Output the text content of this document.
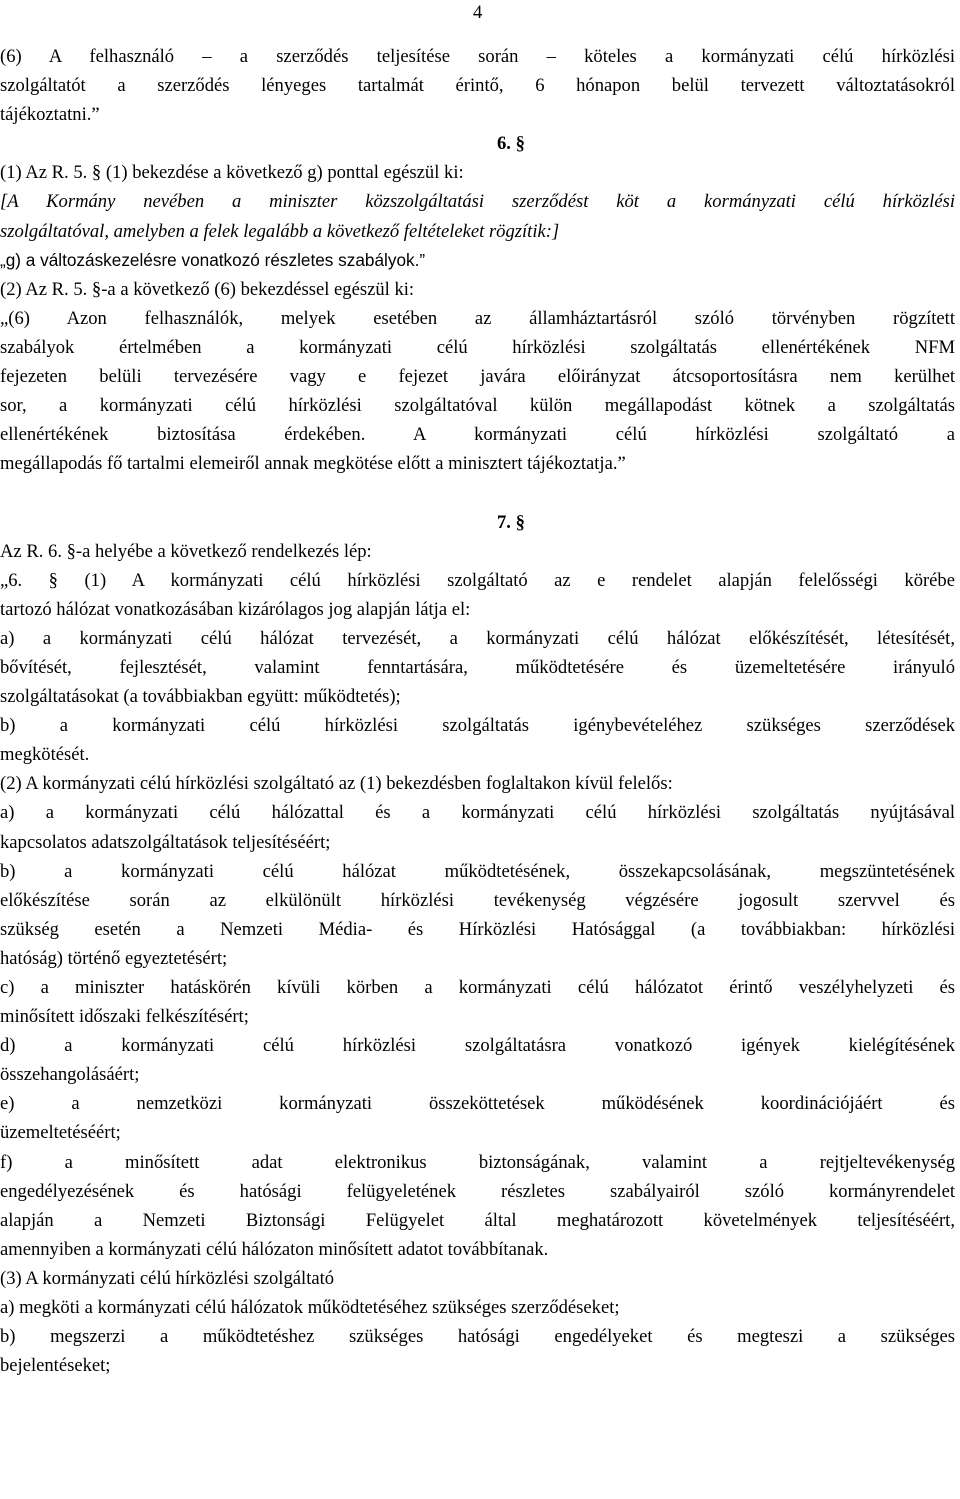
4
(6) A felhasználó – a szerződés teljesítése során – köteles a kormányzati célú hírközlési
szolgáltatót a szerződés lényeges tartalmát érintő, 6 hónapon belül tervezett változtatásokról
tájékoztatni.”
6. §
(1) Az R. 5. § (1) bekezdése a következő g) ponttal egészül ki:
[A Kormány nevében a miniszter közszolgáltatási szerződést köt a kormányzati célú hírközlési
szolgáltatóval, amelyben a felek legalább a következő feltételeket rögzítik:]
„g) a változáskezelésre vonatkozó részletes szabályok.”
(2) Az R. 5. §-a a következő (6) bekezdéssel egészül ki:
„(6) Azon felhasználók, melyek esetében az államháztartásról szóló törvényben rögzített
szabályok értelmében a kormányzati célú hírközlési szolgáltatás ellenértékének NFM
fejezeten belüli tervezésére vagy e fejezet javára előirányzat átcsoportosításra nem kerülhet
sor, a kormányzati célú hírközlési szolgáltatóval külön megállapodást kötnek a szolgáltatás
ellenértékének biztosítása érdekében. A kormányzati célú hírközlési szolgáltató a
megállapodás fő tartalmi elemeiről annak megkötése előtt a minisztert tájékoztatja.”
7. §
Az R. 6. §-a helyébe a következő rendelkezés lép:
„6. § (1) A kormányzati célú hírközlési szolgáltató az e rendelet alapján felelősségi körébe
tartozó hálózat vonatkozásában kizárólagos jog alapján látja el:
a) a kormányzati célú hálózat tervezését, a kormányzati célú hálózat előkészítését, létesítését,
bővítését, fejlesztését, valamint fenntartására, működtetésére és üzemeltetésére irányuló
szolgáltatásokat (a továbbiakban együtt: működtetés);
b) a kormányzati célú hírközlési szolgáltatás igénybevételéhez szükséges szerződések
megkötését.
(2) A kormányzati célú hírközlési szolgáltató az (1) bekezdésben foglaltakon kívül felelős:
a) a kormányzati célú hálózattal és a kormányzati célú hírközlési szolgáltatás nyújtásával
kapcsolatos adatszolgáltatások teljesítéséért;
b) a kormányzati célú hálózat működtetésének, összekapcsolásának, megszüntetésének
előkészítése során az elkülönült hírközlési tevékenység végzésére jogosult szervvel és
szükség esetén a Nemzeti Média- és Hírközlési Hatósággal (a továbbiakban: hírközlési
hatóság) történő egyeztetésért;
c) a miniszter hatáskörén kívüli körben a kormányzati célú hálózatot érintő veszélyhelyzeti és
minősített időszaki felkészítésért;
d) a kormányzati célú hírközlési szolgáltatásra vonatkozó igények kielégítésének
összehangolásáért;
e) a nemzetközi kormányzati összeköttetések működésének koordinációjáért és
üzemeltetéséért;
f) a minősített adat elektronikus biztonságának, valamint a rejtjeltevékenység
engedélyezésének és hatósági felügyeletének részletes szabályairól szóló kormányrendelet
alapján a Nemzeti Biztonsági Felügyelet által meghatározott követelmények teljesítéséért,
amennyiben a kormányzati célú hálózaton minősített adatot továbbítanak.
(3) A kormányzati célú hírközlési szolgáltató
a) megköti a kormányzati célú hálózatok működtetéséhez szükséges szerződéseket;
b) megszerzi a működtetéshez szükséges hatósági engedélyeket és megteszi a szükséges
bejelentéseket;
